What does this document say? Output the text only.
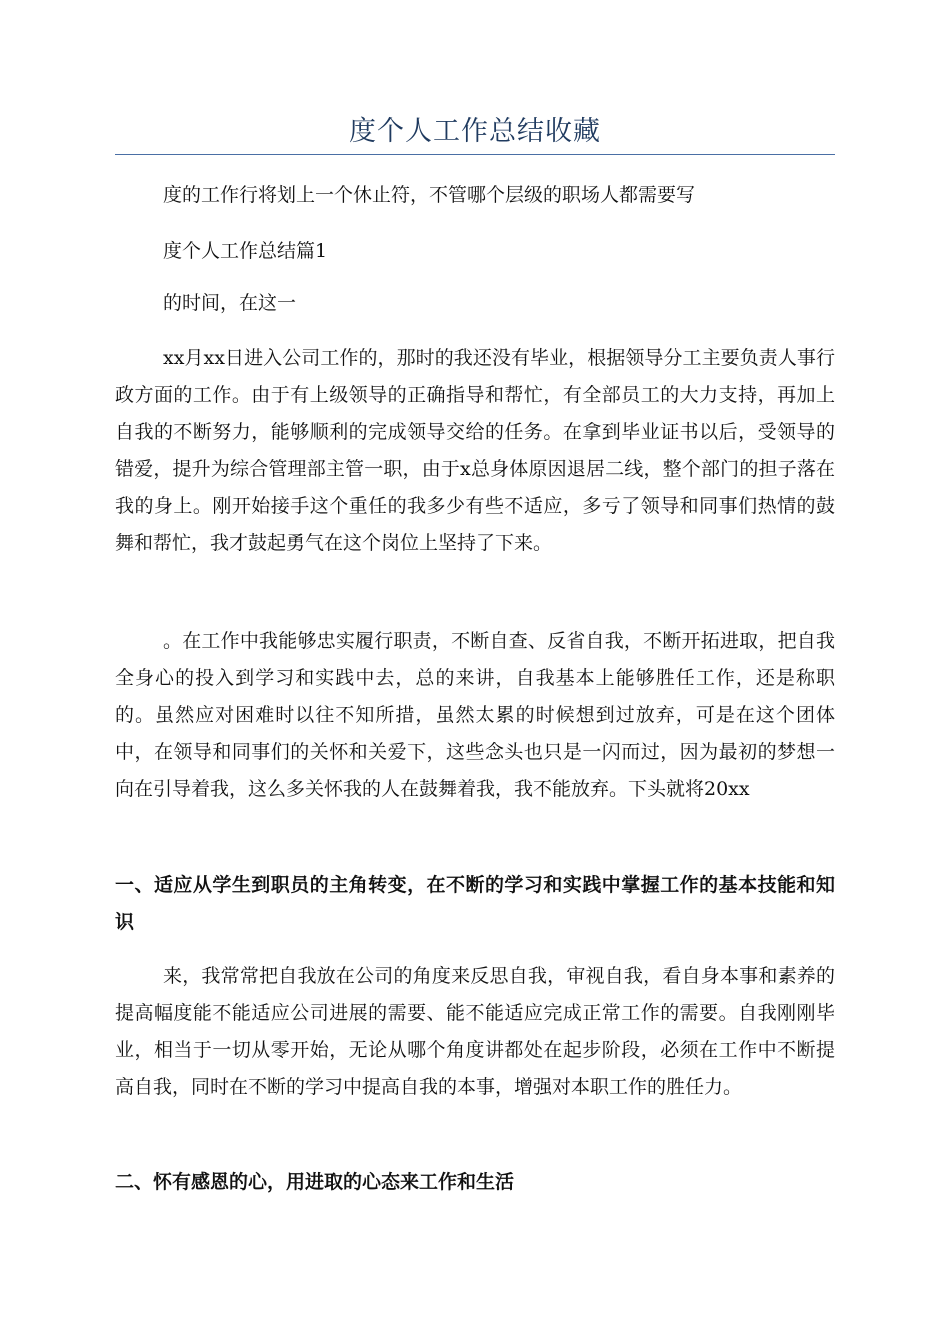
度个人工作总结收藏

度的工作行将划上一个休止符，不管哪个层级的职场人都需要写

度个人工作总结篇1

的时间，在这一

xx月xx日进入公司工作的，那时的我还没有毕业，根据领导分工主要负责人事行政方面的工作。由于有上级领导的正确指导和帮忙，有全部员工的大力支持，再加上自我的不断努力，能够顺利的完成领导交给的任务。在拿到毕业证书以后，受领导的错爱，提升为综合管理部主管一职，由于x总身体原因退居二线，整个部门的担子落在我的身上。刚开始接手这个重任的我多少有些不适应，多亏了领导和同事们热情的鼓舞和帮忙，我才鼓起勇气在这个岗位上坚持了下来。

。在工作中我能够忠实履行职责，不断自查、反省自我，不断开拓进取，把自我全身心的投入到学习和实践中去，总的来讲，自我基本上能够胜任工作，还是称职的。虽然应对困难时以往不知所措，虽然太累的时候想到过放弃，可是在这个团体中，在领导和同事们的关怀和关爱下，这些念头也只是一闪而过，因为最初的梦想一向在引导着我，这么多关怀我的人在鼓舞着我，我不能放弃。下头就将20xx

一、适应从学生到职员的主角转变，在不断的学习和实践中掌握工作的基本技能和知识

来，我常常把自我放在公司的角度来反思自我，审视自我，看自身本事和素养的提高幅度能不能适应公司进展的需要、能不能适应完成正常工作的需要。自我刚刚毕业，相当于一切从零开始，无论从哪个角度讲都处在起步阶段，必须在工作中不断提高自我，同时在不断的学习中提高自我的本事，增强对本职工作的胜任力。

二、怀有感恩的心，用进取的心态来工作和生活
